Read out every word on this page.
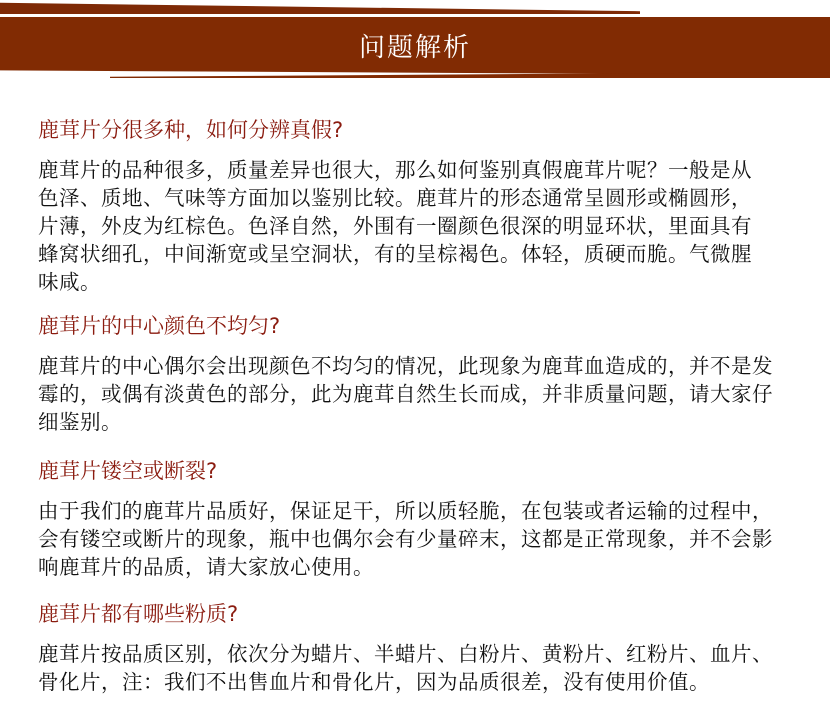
问题解析
鹿茸片分很多种，如何分辨真假?
鹿茸片的品种很多，质量差异也很大，那么如何鉴别真假鹿茸片呢？一般是从
色泽、质地、气味等方面加以鉴别比较。鹿茸片的形态通常呈圆形或椭圆形，
片薄，外皮为红棕色。色泽自然，外围有一圈颜色很深的明显环状，里面具有
蜂窝状细孔，中间渐宽或呈空洞状，有的呈棕褐色。体轻，质硬而脆。气微腥
味咸。
鹿茸片的中心颜色不均匀?
鹿茸片的中心偶尔会出现颜色不均匀的情况，此现象为鹿茸血造成的，并不是发
霉的，或偶有淡黄色的部分，此为鹿茸自然生长而成，并非质量问题，请大家仔
细鉴别。
鹿茸片镂空或断裂?
由于我们的鹿茸片品质好，保证足干，所以质轻脆，在包装或者运输的过程中，
会有镂空或断片的现象，瓶中也偶尔会有少量碎末，这都是正常现象，并不会影
响鹿茸片的品质，请大家放心使用。
鹿茸片都有哪些粉质?
鹿茸片按品质区别，依次分为蜡片、半蜡片、白粉片、黄粉片、红粉片、血片、
骨化片，注：我们不出售血片和骨化片，因为品质很差，没有使用价值。
